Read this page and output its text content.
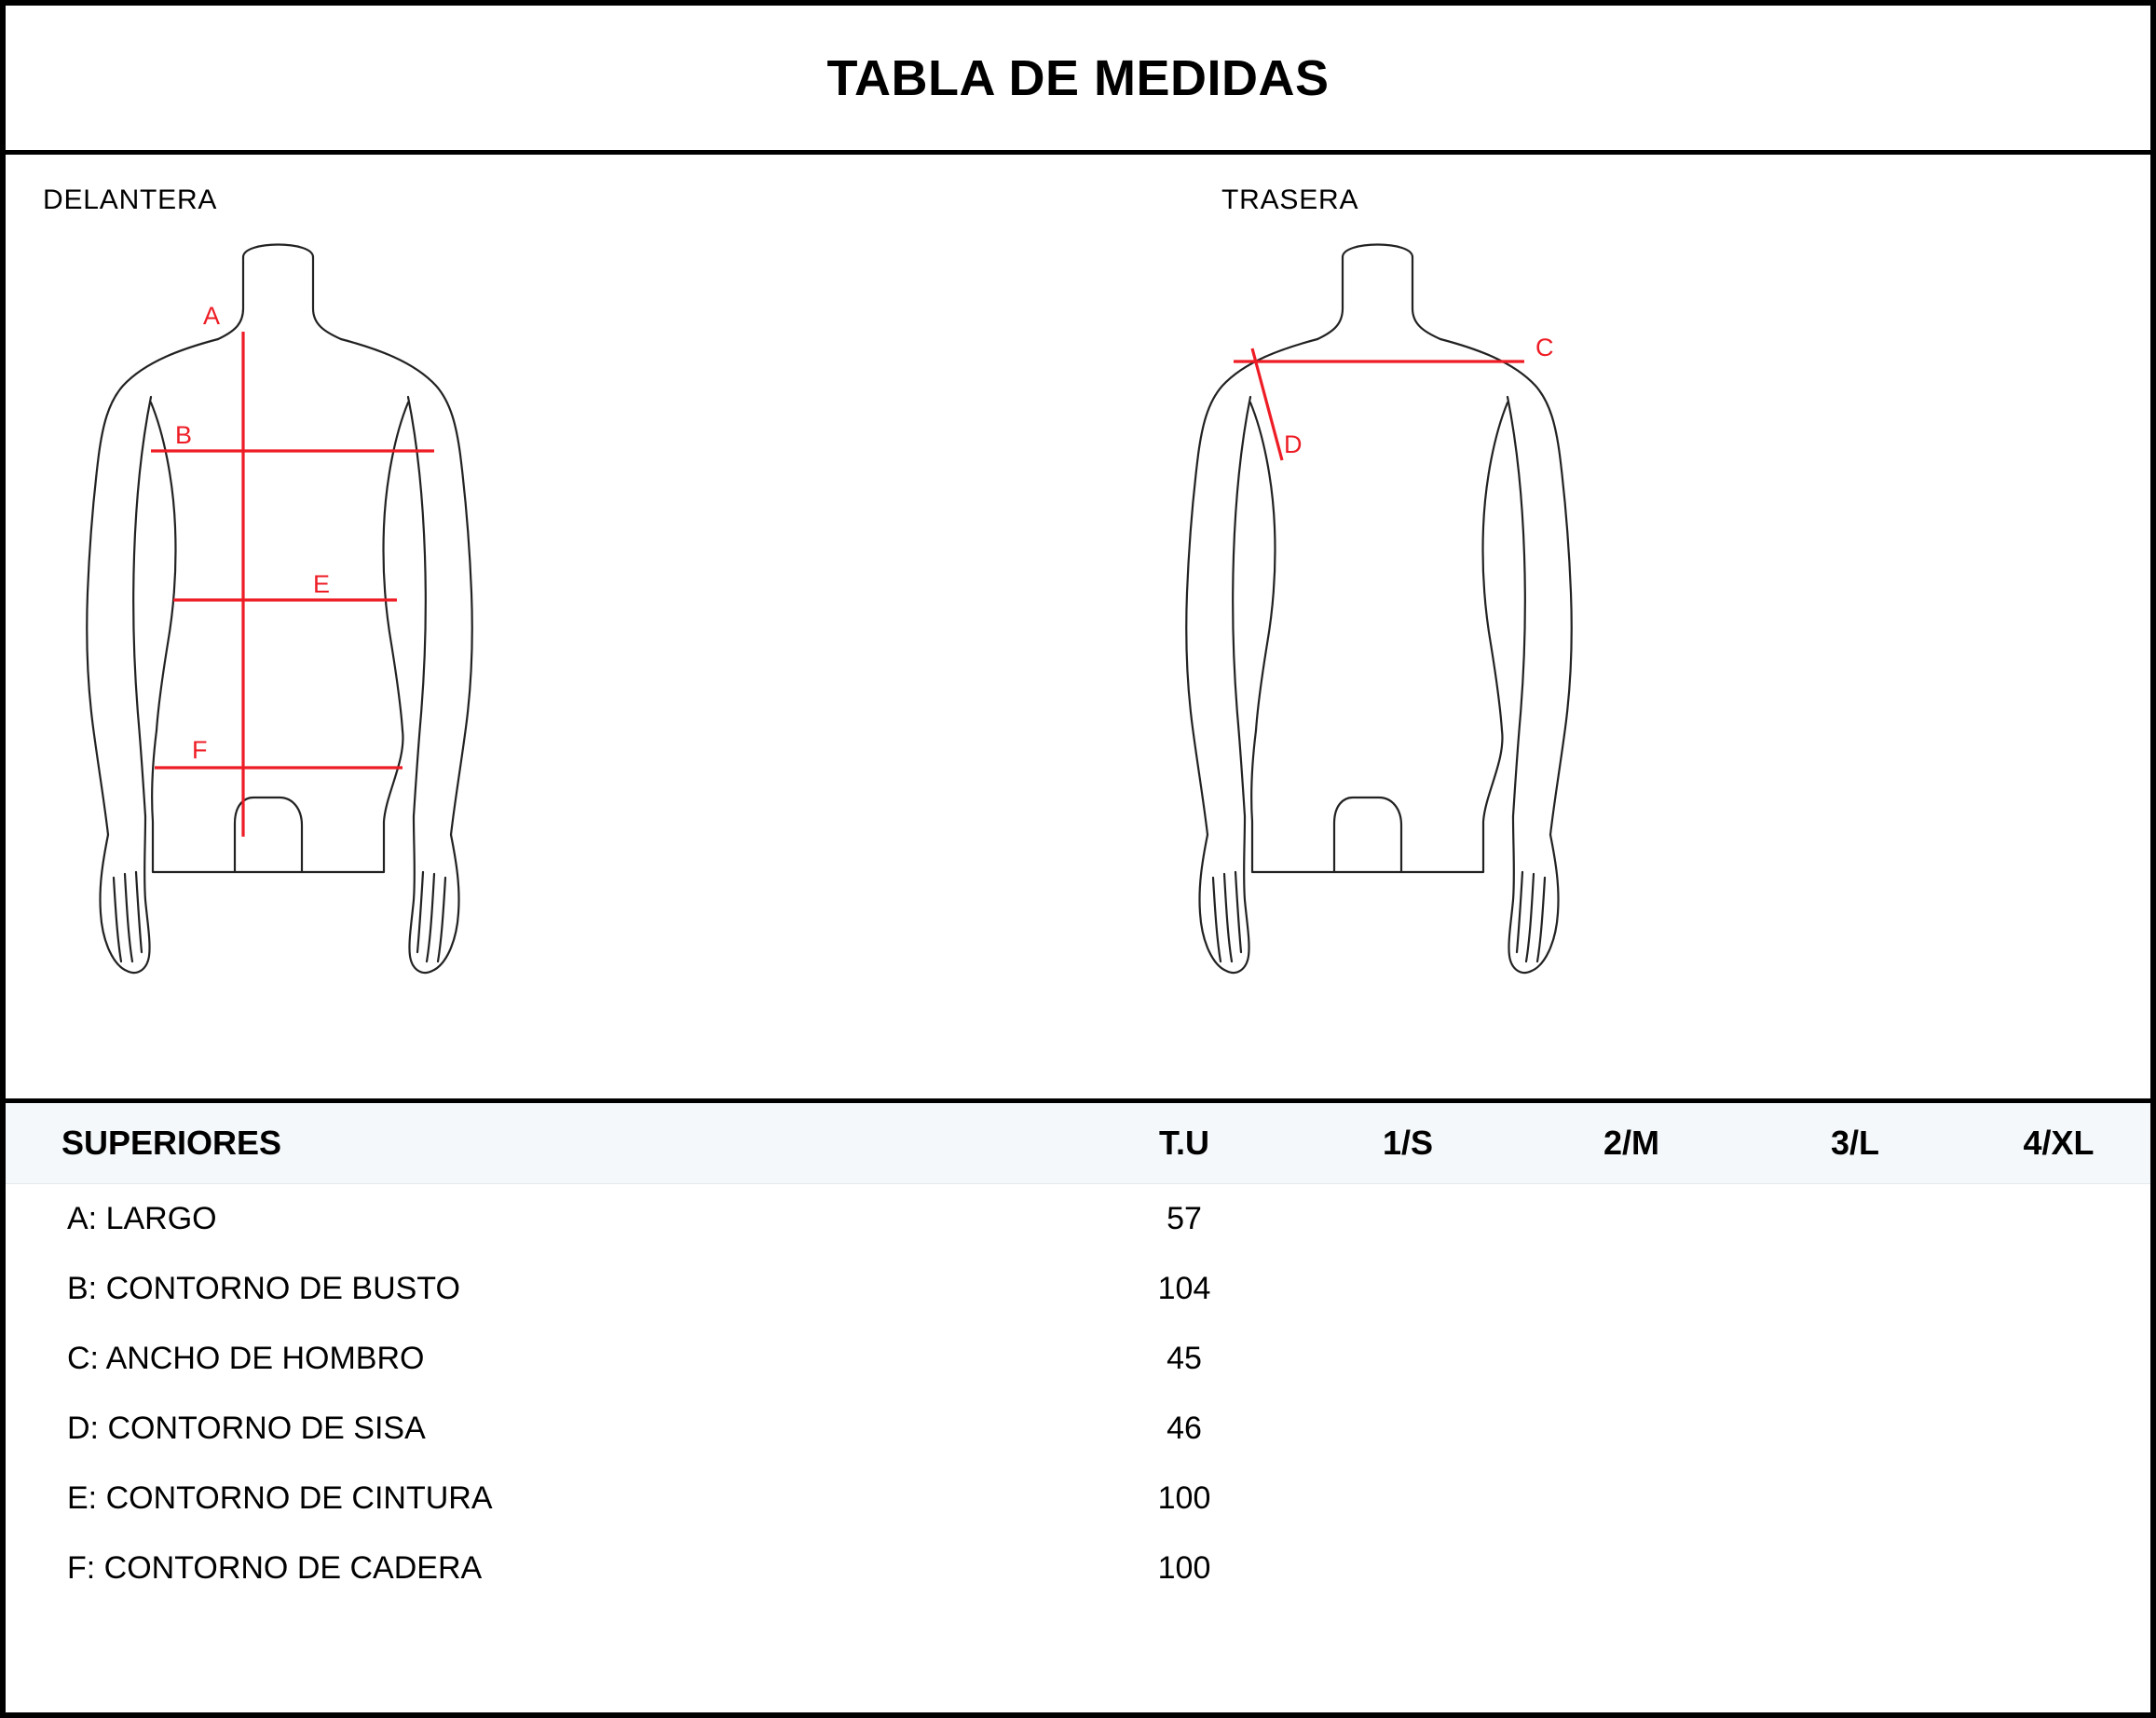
TABLA DE MEDIDAS
DELANTERA	TRASERA
A
B
E
F
C
D
SUPERIORES	T.U	1/S	2/M	3/L	4/XL
A: LARGO	57				
B: CONTORNO DE BUSTO	104				
C: ANCHO DE HOMBRO	45				
D: CONTORNO DE SISA	46				
E: CONTORNO DE CINTURA	100				
F: CONTORNO DE CADERA	100				
